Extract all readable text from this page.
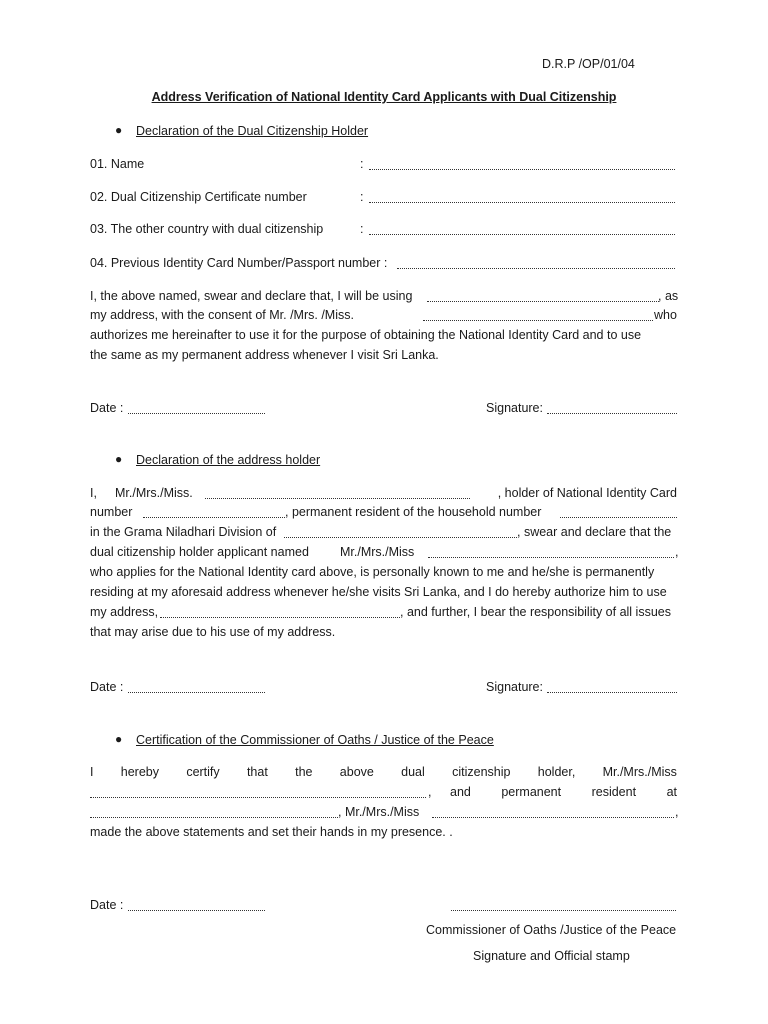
D.R.P /OP/01/04
Address Verification of National Identity Card Applicants with Dual Citizenship
● Declaration of the Dual Citizenship Holder
01. Name	:
02. Dual Citizenship Certificate number	:
03. The other country with dual citizenship	:
04. Previous Identity Card Number/Passport number :
I, the above named, swear and declare that, I will be using	, as
my address, with the consent of Mr. /Mrs. /Miss.	who
authorizes me hereinafter to use it for the purpose of obtaining the National Identity Card and to use
the same as my permanent address whenever I visit Sri Lanka.
Date :	Signature:
● Declaration of the address holder
I, Mr./Mrs./Miss.	, holder of National Identity Card
number	, permanent resident of the household number
in the Grama Niladhari Division of	, swear and declare that the
dual citizenship holder applicant named Mr./Mrs./Miss	,
who applies for the National Identity card above, is personally known to me and he/she is permanently
residing at my aforesaid address whenever he/she visits Sri Lanka, and I do hereby authorize him to use
my address,	, and further, I bear the responsibility of all issues
that may arise due to his use of my address.
Date :	Signature:
● Certification of the Commissioner of Oaths / Justice of the Peace
I hereby certify that the above dual citizenship holder, Mr./Mrs./Miss
, and permanent resident at
, Mr./Mrs./Miss	,
made the above statements and set their hands in my presence. .
Date :
Commissioner of Oaths /Justice of the Peace
Signature and Official stamp
